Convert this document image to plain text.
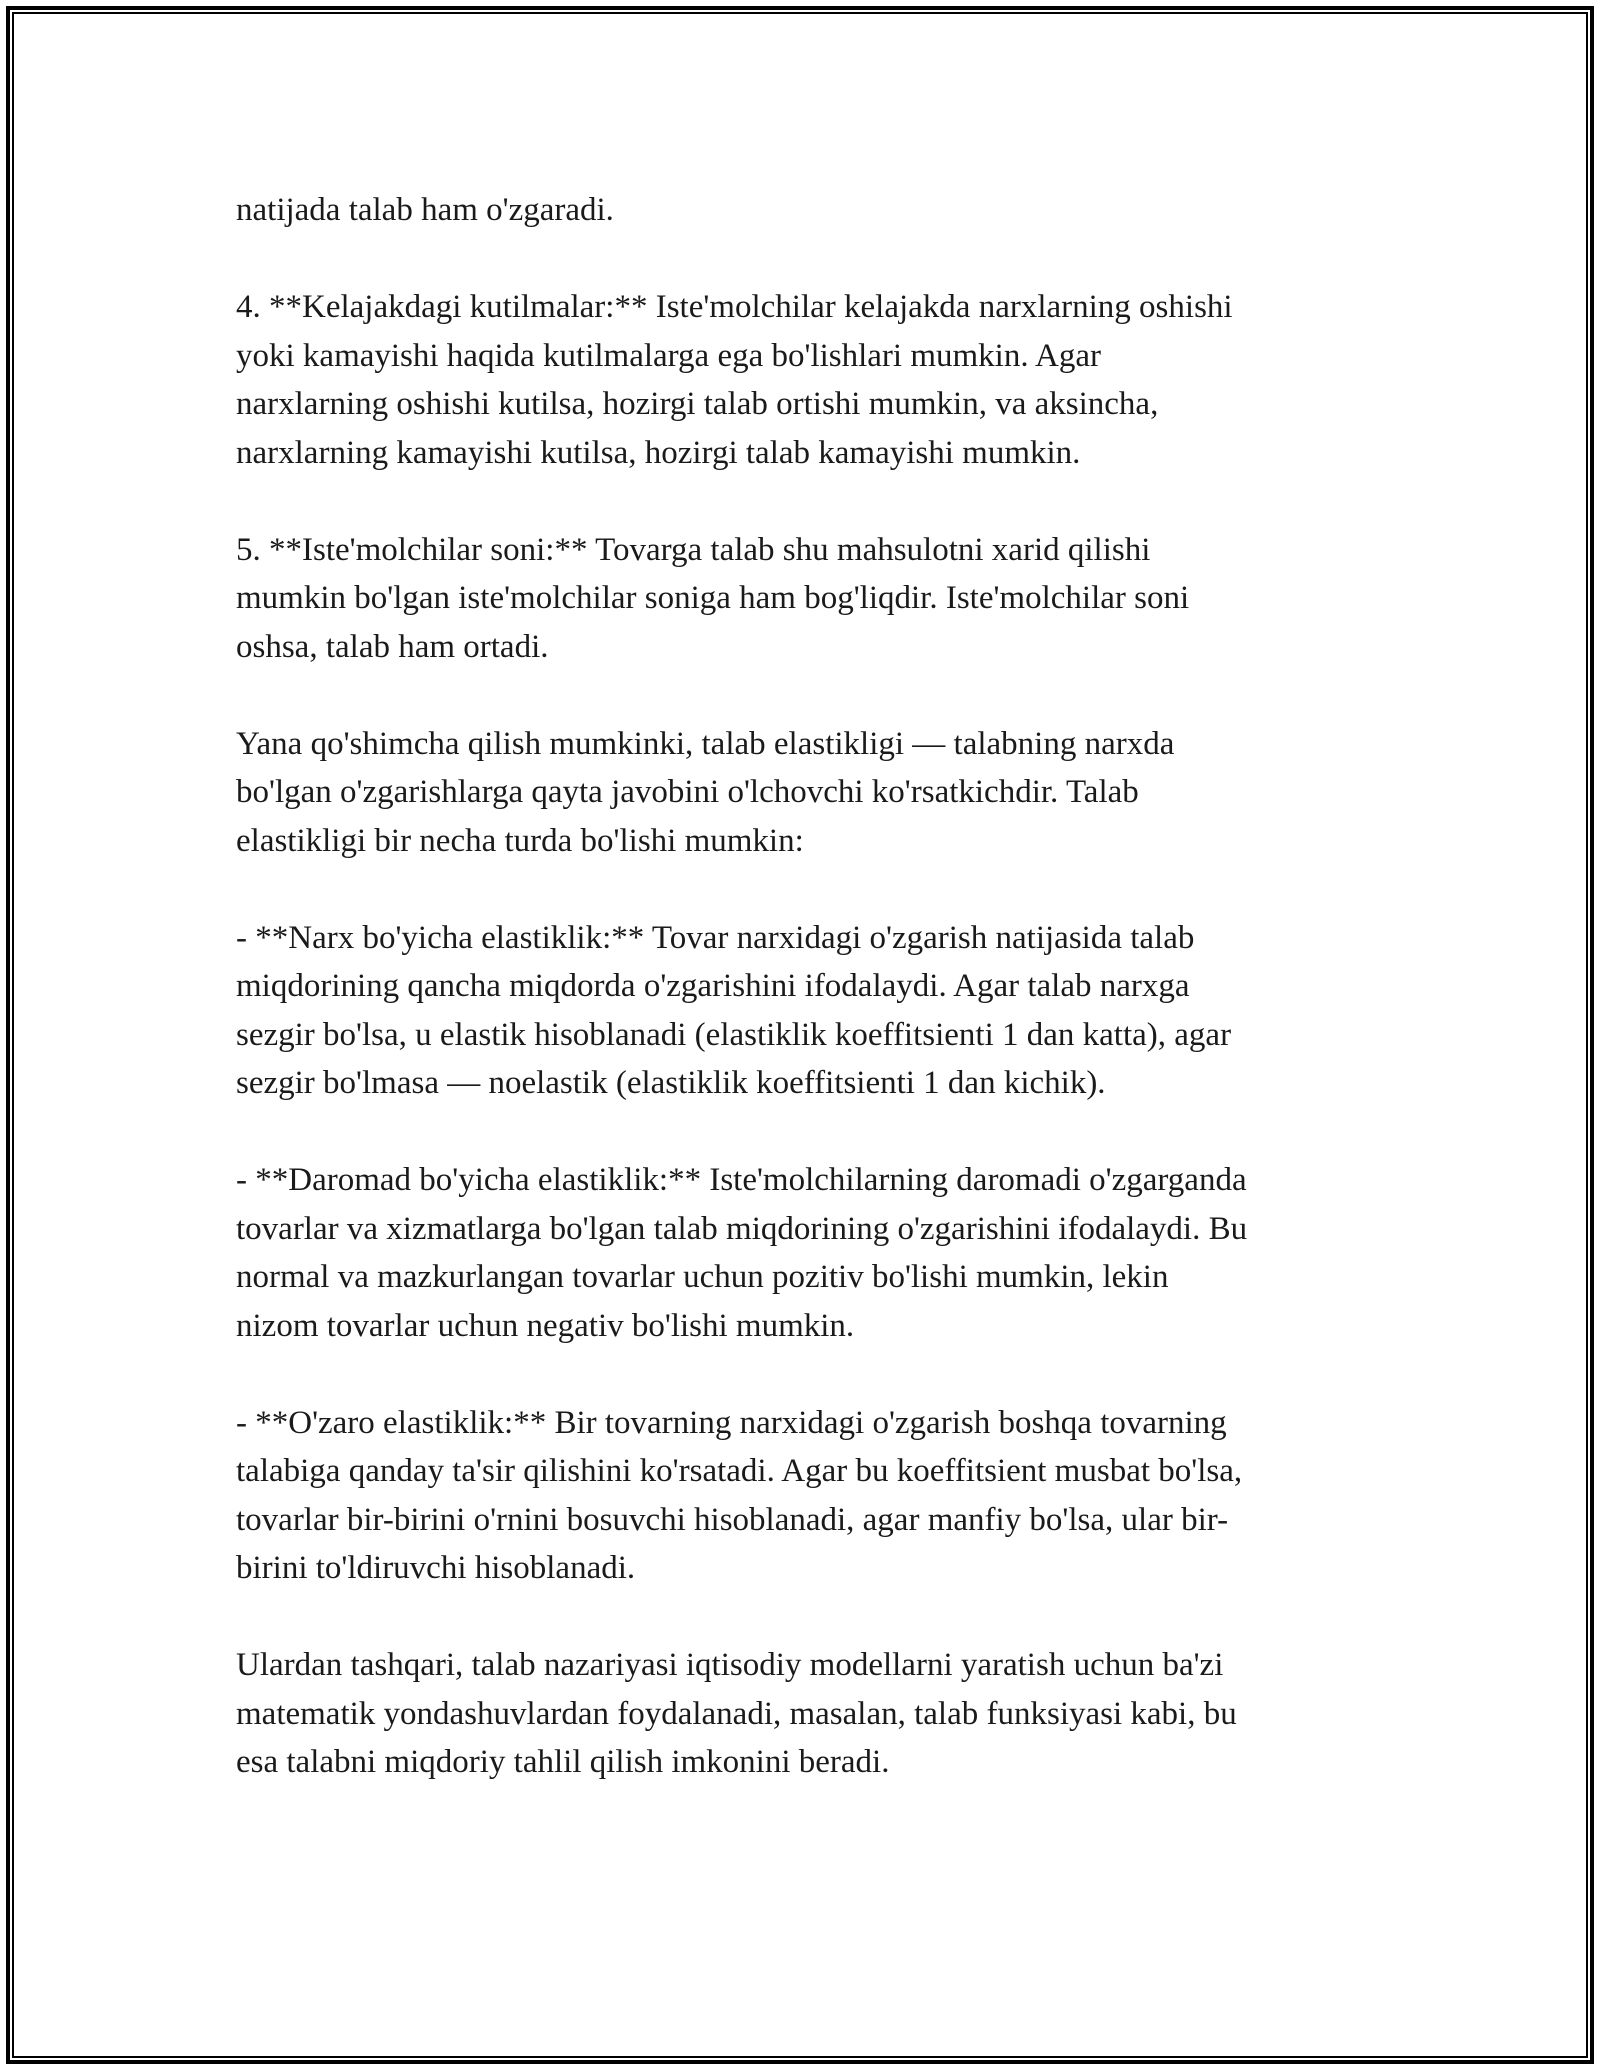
natijada talab ham o'zgaradi.

4. **Kelajakdagi kutilmalar:** Iste'molchilar kelajakda narxlarning oshishi
yoki kamayishi haqida kutilmalarga ega bo'lishlari mumkin. Agar
narxlarning oshishi kutilsa, hozirgi talab ortishi mumkin, va aksincha,
narxlarning kamayishi kutilsa, hozirgi talab kamayishi mumkin.

5. **Iste'molchilar soni:** Tovarga talab shu mahsulotni xarid qilishi
mumkin bo'lgan iste'molchilar soniga ham bog'liqdir. Iste'molchilar soni
oshsa, talab ham ortadi.

Yana qo'shimcha qilish mumkinki, talab elastikligi — talabning narxda
bo'lgan o'zgarishlarga qayta javobini o'lchovchi ko'rsatkichdir. Talab
elastikligi bir necha turda bo'lishi mumkin:

- **Narx bo'yicha elastiklik:** Tovar narxidagi o'zgarish natijasida talab
miqdorining qancha miqdorda o'zgarishini ifodalaydi. Agar talab narxga
sezgir bo'lsa, u elastik hisoblanadi (elastiklik koeffitsienti 1 dan katta), agar
sezgir bo'lmasa — noelastik (elastiklik koeffitsienti 1 dan kichik).

- **Daromad bo'yicha elastiklik:** Iste'molchilarning daromadi o'zgarganda
tovarlar va xizmatlarga bo'lgan talab miqdorining o'zgarishini ifodalaydi. Bu
normal va mazkurlangan tovarlar uchun pozitiv bo'lishi mumkin, lekin
nizom tovarlar uchun negativ bo'lishi mumkin.

- **O'zaro elastiklik:** Bir tovarning narxidagi o'zgarish boshqa tovarning
talabiga qanday ta'sir qilishini ko'rsatadi. Agar bu koeffitsient musbat bo'lsa,
tovarlar bir-birini o'rnini bosuvchi hisoblanadi, agar manfiy bo'lsa, ular bir-
birini to'ldiruvchi hisoblanadi.

Ulardan tashqari, talab nazariyasi iqtisodiy modellarni yaratish uchun ba'zi
matematik yondashuvlardan foydalanadi, masalan, talab funksiyasi kabi, bu
esa talabni miqdoriy tahlil qilish imkonini beradi.
